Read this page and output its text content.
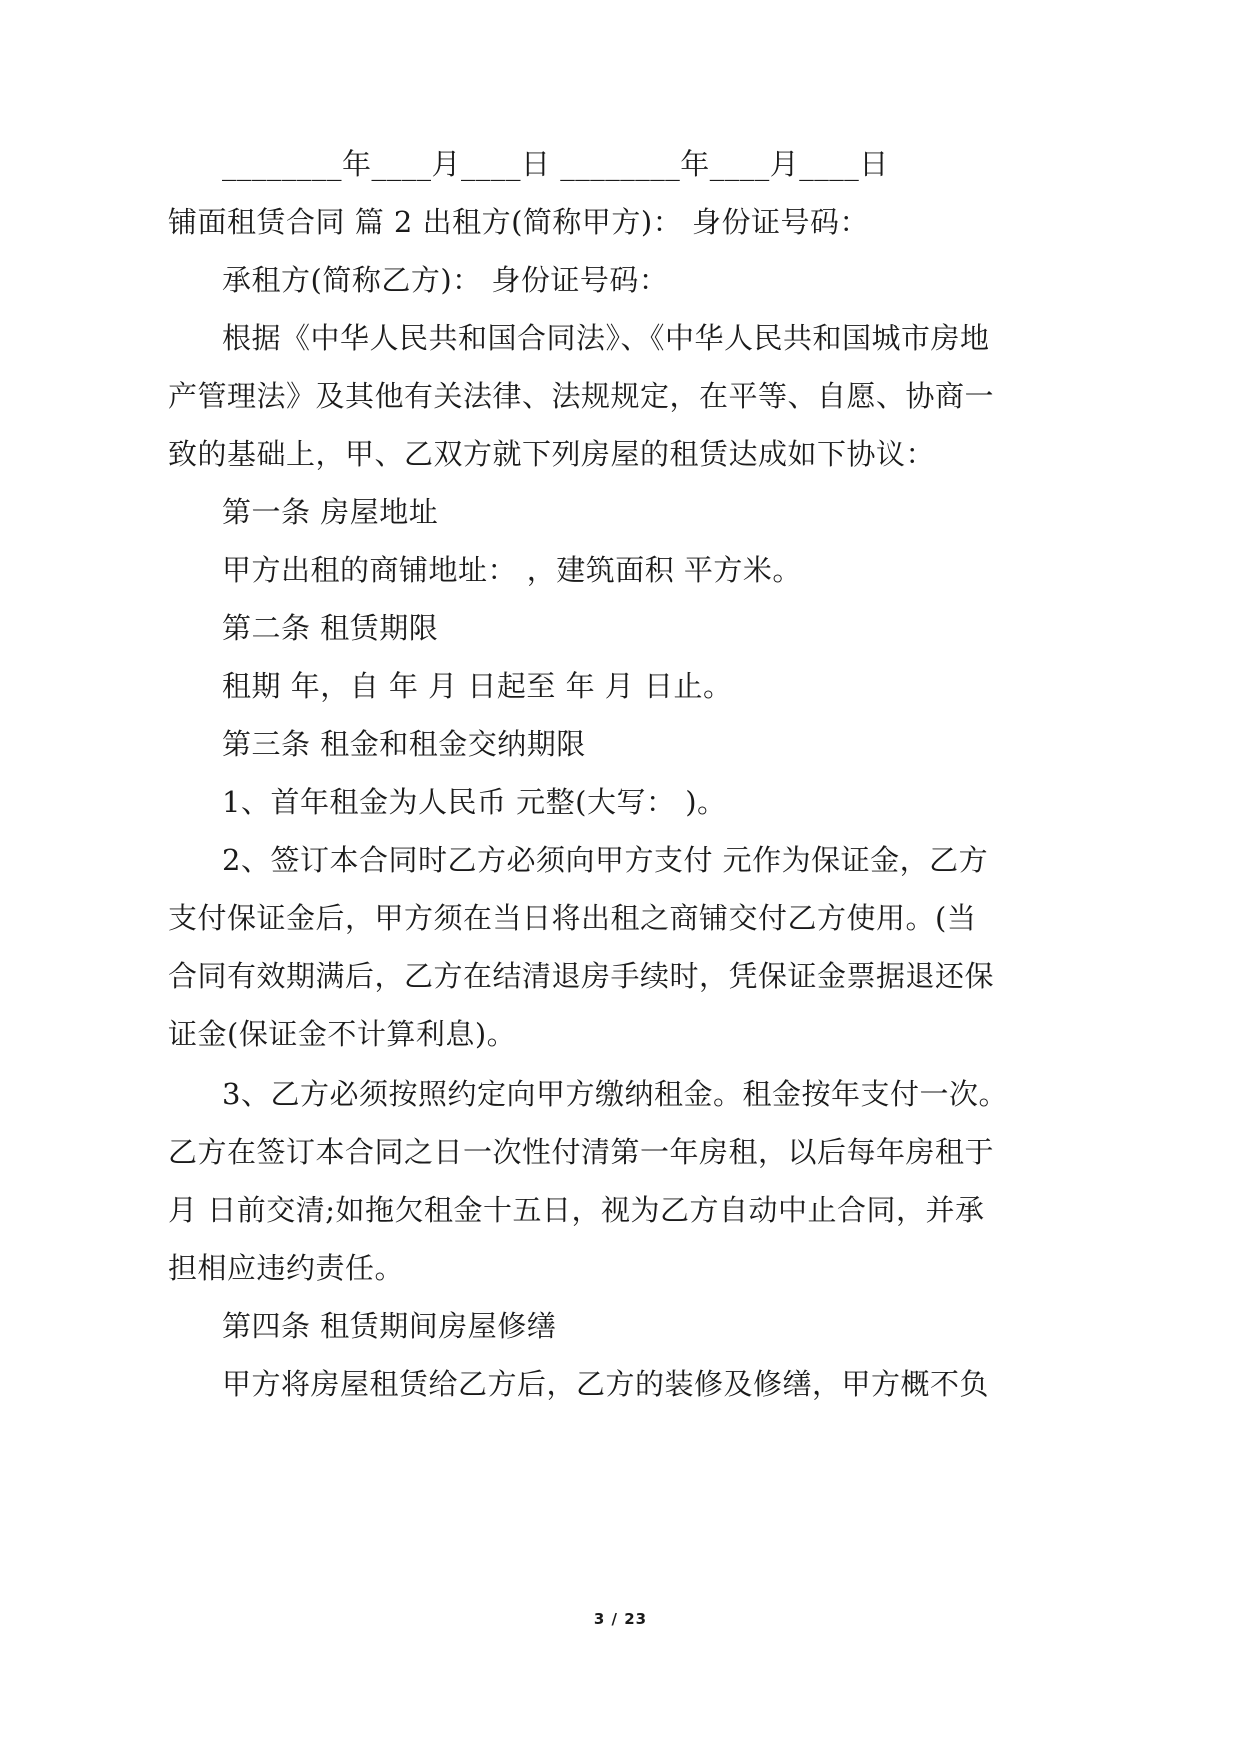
________年____月____日 ________年____月____日
铺面租赁合同 篇 2 出租方(简称甲方)： 身份证号码：
承租方(简称乙方)： 身份证号码：
根据《中华人民共和国合同法》、《中华人民共和国城市房地
产管理法》及其他有关法律、法规规定，在平等、自愿、协商一
致的基础上，甲、乙双方就下列房屋的租赁达成如下协议：
第一条 房屋地址
甲方出租的商铺地址： ，建筑面积 平方米。
第二条 租赁期限
租期 年，自 年 月 日起至 年 月 日止。
第三条 租金和租金交纳期限
1、首年租金为人民币 元整(大写： )。
2、签订本合同时乙方必须向甲方支付 元作为保证金，乙方
支付保证金后，甲方须在当日将出租之商铺交付乙方使用。(当
合同有效期满后，乙方在结清退房手续时，凭保证金票据退还保
证金(保证金不计算利息)。
3、乙方必须按照约定向甲方缴纳租金。租金按年支付一次。
乙方在签订本合同之日一次性付清第一年房租，以后每年房租于
月 日前交清;如拖欠租金十五日，视为乙方自动中止合同，并承
担相应违约责任。
第四条 租赁期间房屋修缮
甲方将房屋租赁给乙方后，乙方的装修及修缮，甲方概不负
3 / 23
